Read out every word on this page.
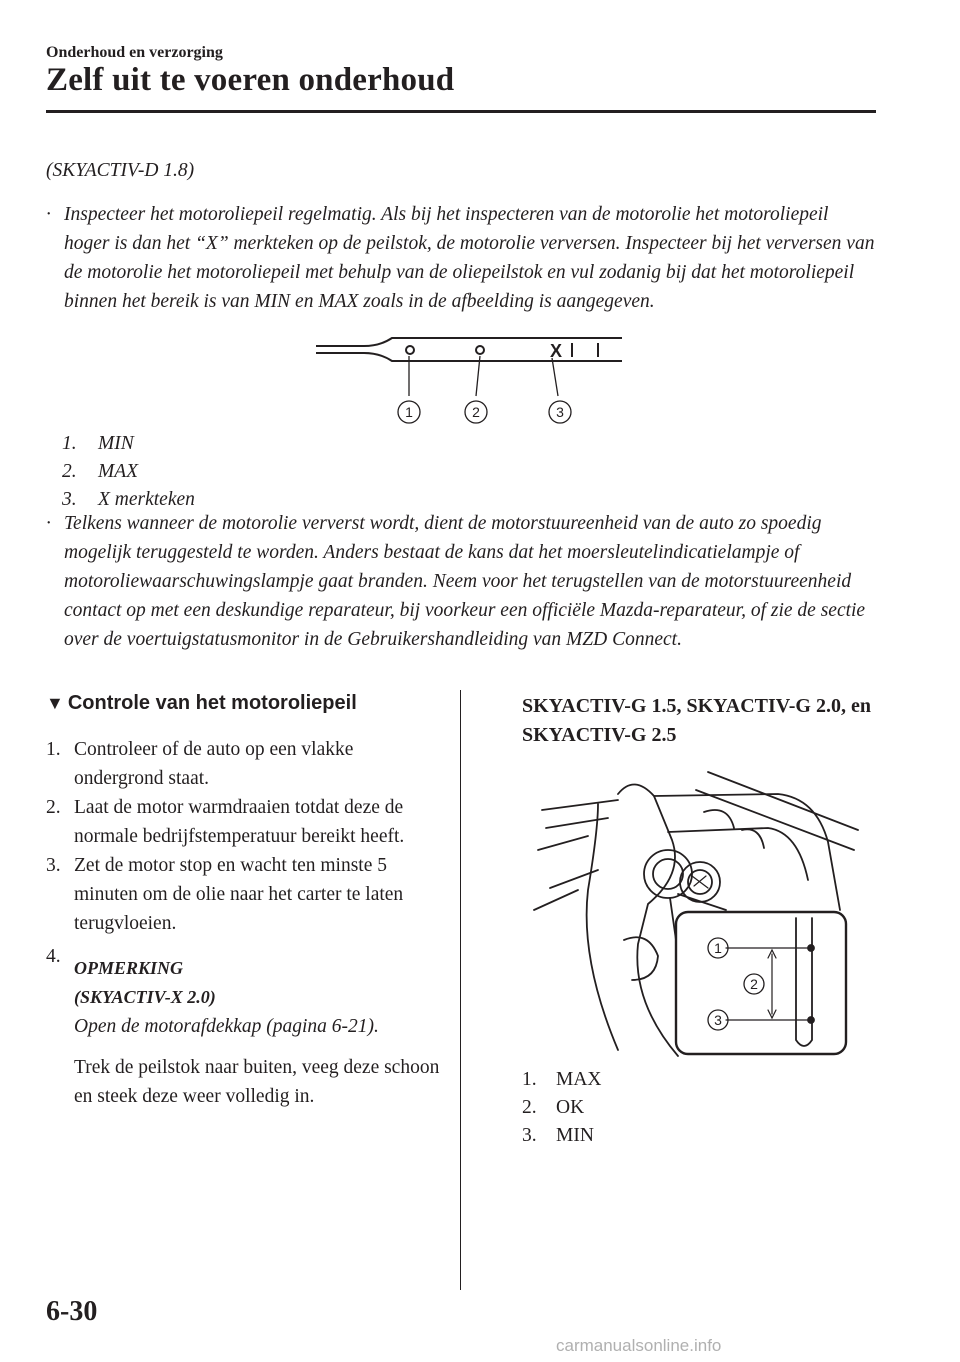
Onderhoud en verzorging
Zelf uit te voeren onderhoud
(SKYACTIV-D 1.8)
· Inspecteer het motoroliepeil regelmatig. Als bij het inspecteren van de motorolie het motoroliepeil hoger is dan het “X” merkteken op de peilstok, de motorolie verversen. Inspecteer bij het verversen van de motorolie het motoroliepeil met behulp van de oliepeilstok en vul zodanig bij dat het motoroliepeil binnen het bereik is van MIN en MAX zoals in de afbeelding is aangegeven.
X
1	2	3
1. MIN
2. MAX
3. X merkteken
· Telkens wanneer de motorolie ververst wordt, dient de motorstuureenheid van de auto zo spoedig mogelijk teruggesteld te worden. Anders bestaat de kans dat het moersleutelindicatielampje of motoroliewaarschuwingslampje gaat branden. Neem voor het terugstellen van de motorstuureenheid contact op met een deskundige reparateur, bij voorkeur een officiële Mazda-reparateur, of zie de sectie over de voertuigstatusmonitor in de Gebruikershandleiding van MZD Connect.
▼ Controle van het motoroliepeil
1. Controleer of de auto op een vlakke ondergrond staat.
2. Laat de motor warmdraaien totdat deze de normale bedrijfstemperatuur bereikt heeft.
3. Zet de motor stop en wacht ten minste 5 minuten om de olie naar het carter te laten terugvloeien.
4.
OPMERKING
(SKYACTIV-X 2.0)
Open de motorafdekkap (pagina 6-21).
Trek de peilstok naar buiten, veeg deze schoon en steek deze weer volledig in.
SKYACTIV-G 1.5, SKYACTIV-G 2.0, en SKYACTIV-G 2.5
1
2
3
1. MAX
2. OK
3. MIN
6-30
carmanualsonline.info
